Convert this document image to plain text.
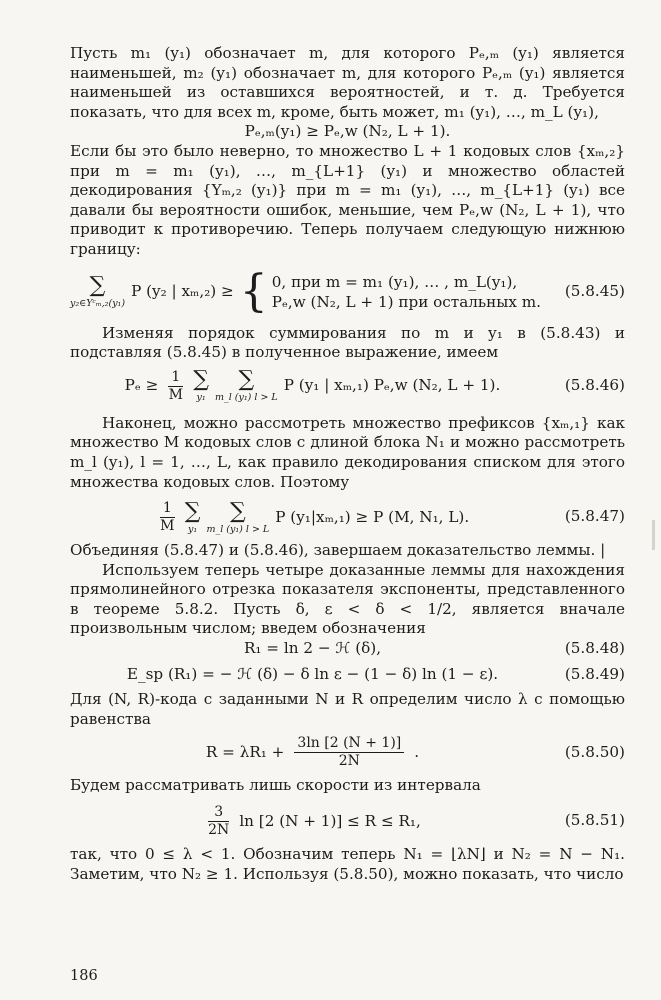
Пусть m₁ (y₁) обозначает m, для которого Pₑ,ₘ (y₁) является наименьшей, m₂ (y₁) обозначает m, для которого Pₑ,ₘ (y₁) является наименьшей из оставшихся вероятностей, и т. д. Требуется показать, что для всех m, кроме, быть может, m₁ (y₁), …, m_L (y₁),

Pₑ,ₘ(y₁) ≥ Pₑ,w (N₂, L + 1).

Если бы это было неверно, то множество L + 1 кодовых слов {xₘ,₂} при m = m₁ (y₁), …, m_{L+1} (y₁) и множество областей декодирования {Yₘ,₂ (y₁)} при m = m₁ (y₁), …, m_{L+1} (y₁) все давали бы вероятности ошибок, меньшие, чем Pₑ,w (N₂, L + 1), что приводит к противоречию. Теперь получаем следующую нижнюю границу:

∑
y₂∈Yᶜₘ,₂(y₁)
P (y₂ | xₘ,₂) ≥ { 0, при m = m₁ (y₁), … , m_L(y₁),
Pₑ,w (N₂, L + 1) при остальных m.
(5.8.45)

Изменяя порядок суммирования по m и y₁ в (5.8.43) и подставляя (5.8.45) в полученное выражение, имеем

$P_e \ge \frac{1}{M}$ ∑
y₁
∑
m_l (y₁) l > L
P (y₁ | xₘ,₁) Pₑ,w (N₂, L + 1).	(5.8.46)

Наконец, можно рассмотреть множество префиксов {xₘ,₁} как множество M кодовых слов с длиной блока N₁ и можно рассмотреть m_l (y₁), l = 1, …, L, как правило декодирования списком для этого множества кодовых слов. Поэтому

$\frac{1}{M}$ ∑
y₁
∑
m_l (y₁) l > L
P (y₁|xₘ,₁) ≥ P (M, N₁, L).	(5.8.47)

Объединяя (5.8.47) и (5.8.46), завершаем доказательство леммы. |

Используем теперь четыре доказанные леммы для нахождения прямолинейного отрезка показателя экспоненты, представленного в теореме 5.8.2. Пусть δ, ε < δ < 1/2, является вначале произвольным числом; введем обозначения

R₁ = ln 2 − ℋ (δ),	(5.8.48)
E_sp (R₁) = − ℋ (δ) − δ ln ε − (1 − δ) ln (1 − ε).	(5.8.49)

Для (N, R)-кода с заданными N и R определим число λ с помощью равенства

$R = \lambda R_1 + \frac{3\ln [2 (N + 1)]}{2N}$ .	(5.8.50)

Будем рассматривать лишь скорости из интервала

$\frac{3}{2N}$ ln [2 (N + 1)] ≤ R ≤ R₁,	(5.8.51)

так, что 0 ≤ λ < 1. Обозначим теперь N₁ = ⌊λN⌋ и N₂ = N − N₁. Заметим, что N₂ ≥ 1. Используя (5.8.50), можно показать, что число

186
